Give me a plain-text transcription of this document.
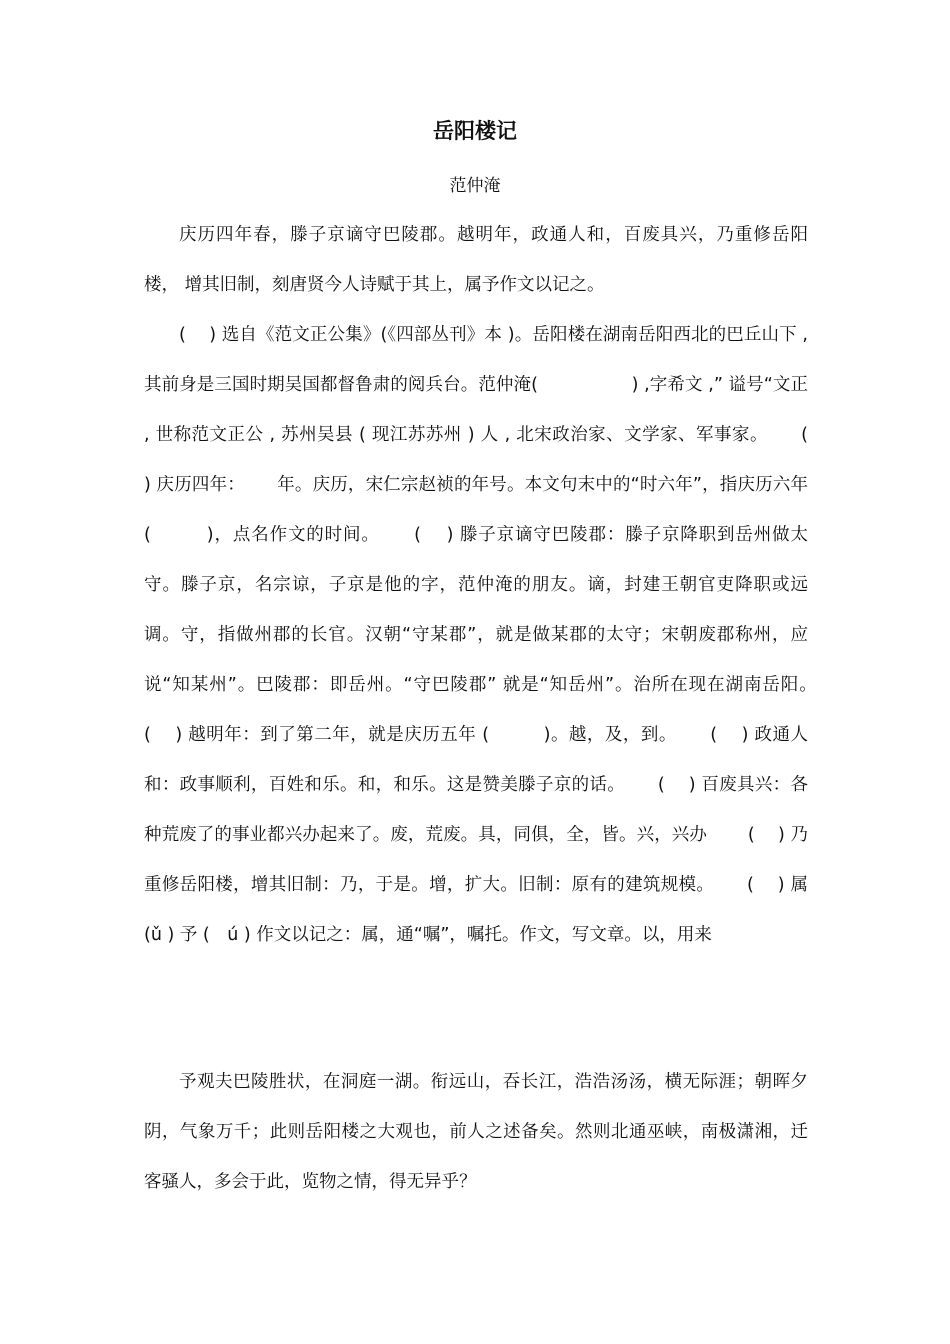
岳阳楼记
范仲淹

庆历四年春，滕子京谪守巴陵郡。越明年，政通人和，百废具兴，乃重修岳阳楼， 增其旧制，刻唐贤今人诗赋于其上，属予作文以记之。

(　 ) 选自《范文正公集》(《四部丛刊》本 )。岳阳楼在湖南岳阳西北的巴丘山下 ,其前身是三国时期吴国都督鲁肃的阅兵台。范仲淹(　　　　　 ) ,字希文 ,” 谥号“文正 , 世称范文正公 , 苏州吴县 ( 现江苏苏州 ) 人 , 北宋政治家、文学家、军事家。　　 (　 ) 庆历四年：　　 年。庆历，宋仁宗赵祯的年号。本文句末中的“时六年”，指庆历六年 (　　　)，点名作文的时间。　　 (　 ) 滕子京谪守巴陵郡：滕子京降职到岳州做太守。滕子京，名宗谅，子京是他的字，范仲淹的朋友。谪，封建王朝官吏降职或远调。守，指做州郡的长官。汉朝“守某郡”，就是做某郡的太守；宋朝废郡称州，应说“知某州”。巴陵郡：即岳州。“守巴陵郡” 就是“知岳州”。治所在现在湖南岳阳。　　 (　 ) 越明年：到了第二年，就是庆历五年 (　　　)。越，及，到。　　 (　 ) 政通人和：政事顺利，百姓和乐。和，和乐。这是赞美滕子京的话。　　 (　 ) 百废具兴：各种荒废了的事业都兴办起来了。废，荒废。具，同俱，全，皆。兴，兴办　　 (　 ) 乃重修岳阳楼，增其旧制：乃，于是。增，扩大。旧制：原有的建筑规模。　　 (　 ) 属 (ǔ ) 予 (　ú ) 作文以记之：属，通“嘱”，嘱托。作文，写文章。以，用来

予观夫巴陵胜状，在洞庭一湖。衔远山，吞长江，浩浩汤汤，横无际涯；朝晖夕阴，气象万千；此则岳阳楼之大观也，前人之述备矣。然则北通巫峡，南极潇湘，迁客骚人，多会于此，览物之情，得无异乎？
